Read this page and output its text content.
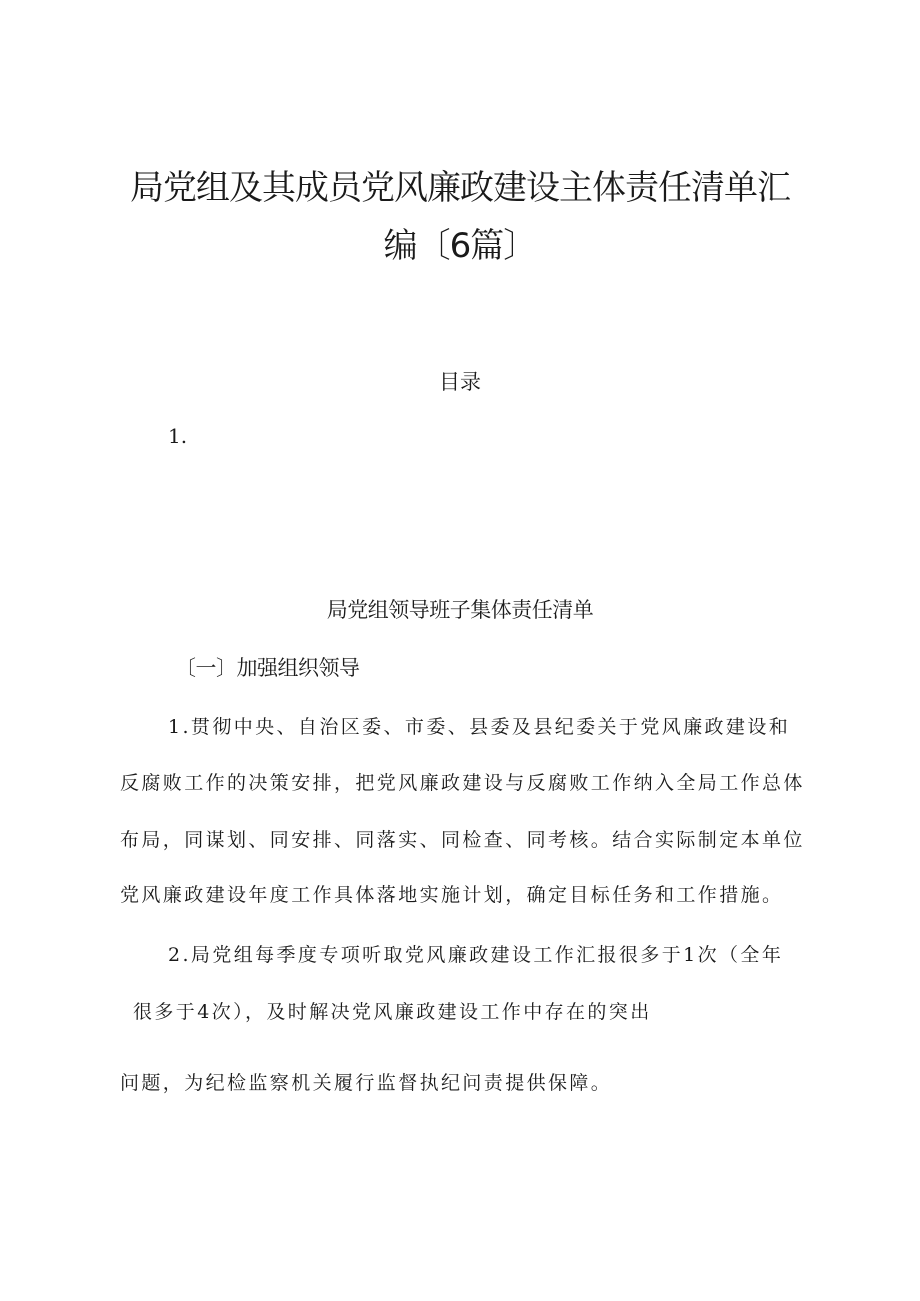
局党组及其成员党风廉政建设主体责任清单汇
编〔6篇〕
目录
1.
局党组领导班子集体责任清单
〔一〕加强组织领导
1.贯彻中央、自治区委、市委、县委及县纪委关于党风廉政建设和
反腐败工作的决策安排，把党风廉政建设与反腐败工作纳入全局工作总体
布局，同谋划、同安排、同落实、同检查、同考核。结合实际制定本单位
党风廉政建设年度工作具体落地实施计划，确定目标任务和工作措施。
2.局党组每季度专项听取党风廉政建设工作汇报很多于1次（全年
很多于4次），及时解决党风廉政建设工作中存在的突出
问题，为纪检监察机关履行监督执纪问责提供保障。
